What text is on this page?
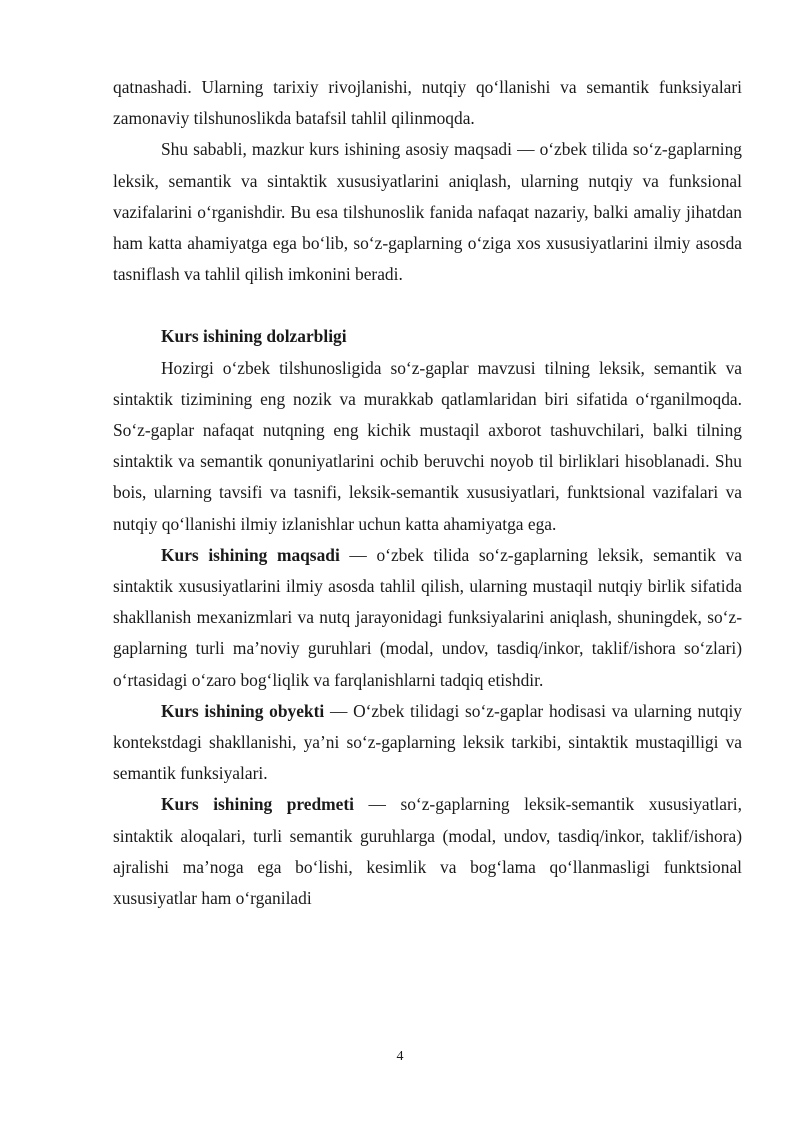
qatnashadi. Ularning tarixiy rivojlanishi, nutqiy qo‘llanishi va semantik funksiyalari zamonaviy tilshunoslikda batafsil tahlil qilinmoqda.

Shu sababli, mazkur kurs ishining asosiy maqsadi — o‘zbek tilida so‘z-gaplarning leksik, semantik va sintaktik xususiyatlarini aniqlash, ularning nutqiy va funksional vazifalarini o‘rganishdir. Bu esa tilshunoslik fanida nafaqat nazariy, balki amaliy jihatdan ham katta ahamiyatga ega bo‘lib, so‘z-gaplarning o‘ziga xos xususiyatlarini ilmiy asosda tasniflash va tahlil qilish imkonini beradi.

Kurs ishining dolzarbligi

Hozirgi o‘zbek tilshunosligida so‘z-gaplar mavzusi tilning leksik, semantik va sintaktik tizimining eng nozik va murakkab qatlamlaridan biri sifatida o‘rganilmoqda. So‘z-gaplar nafaqat nutqning eng kichik mustaqil axborot tashuvchilari, balki tilning sintaktik va semantik qonuniyatlarini ochib beruvchi noyob til birliklari hisoblanadi. Shu bois, ularning tavsifi va tasnifi, leksik-semantik xususiyatlari, funktsional vazifalari va nutqiy qo‘llanishi ilmiy izlanishlar uchun katta ahamiyatga ega.

Kurs ishining maqsadi — o‘zbek tilida so‘z-gaplarning leksik, semantik va sintaktik xususiyatlarini ilmiy asosda tahlil qilish, ularning mustaqil nutqiy birlik sifatida shakllanish mexanizmlari va nutq jarayonidagi funksiyalarini aniqlash, shuningdek, so‘z-gaplarning turli ma’noviy guruhlari (modal, undov, tasdiq/inkor, taklif/ishora so‘zlari) o‘rtasidagi o‘zaro bog‘liqlik va farqlanishlarni tadqiq etishdir.

Kurs ishining obyekti — O‘zbek tilidagi so‘z-gaplar hodisasi va ularning nutqiy kontekstdagi shakllanishi, ya’ni so‘z-gaplarning leksik tarkibi, sintaktik mustaqilligi va semantik funksiyalari.

Kurs ishining predmeti — so‘z-gaplarning leksik-semantik xususiyatlari, sintaktik aloqalari, turli semantik guruhlarga (modal, undov, tasdiq/inkor, taklif/ishora) ajralishi ma’noga ega bo‘lishi, kesimlik va bog‘lama qo‘llanmasligi funktsional xususiyatlar ham o‘rganiladi

4
